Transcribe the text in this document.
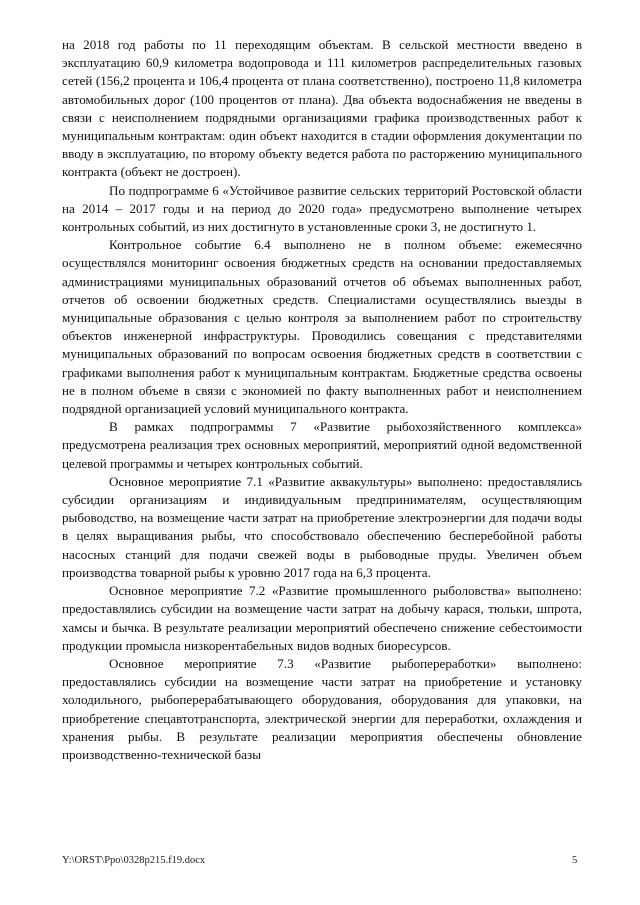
на 2018 год работы по 11 переходящим объектам. В сельской местности введено в эксплуатацию 60,9 километра водопровода и 111 километров распределительных газовых сетей (156,2 процента и 106,4 процента от плана соответственно), построено 11,8 километра автомобильных дорог (100 процентов от плана). Два объекта водоснабжения не введены в связи с неисполнением подрядными организациями графика производственных работ к муниципальным контрактам: один объект находится в стадии оформления документации по вводу в эксплуатацию, по второму объекту ведется работа по расторжению муниципального контракта (объект не достроен).

По подпрограмме 6 «Устойчивое развитие сельских территорий Ростовской области на 2014 – 2017 годы и на период до 2020 года» предусмотрено выполнение четырех контрольных событий, из них достигнуто в установленные сроки 3, не достигнуто 1.

Контрольное событие 6.4 выполнено не в полном объеме: ежемесячно осуществлялся мониторинг освоения бюджетных средств на основании предоставляемых администрациями муниципальных образований отчетов об объемах выполненных работ, отчетов об освоении бюджетных средств. Специалистами осуществлялись выезды в муниципальные образования с целью контроля за выполнением работ по строительству объектов инженерной инфраструктуры. Проводились совещания с представителями муниципальных образований по вопросам освоения бюджетных средств в соответствии с графиками выполнения работ к муниципальным контрактам. Бюджетные средства освоены не в полном объеме в связи с экономией по факту выполненных работ и неисполнением подрядной организацией условий муниципального контракта.

В рамках подпрограммы 7 «Развитие рыбохозяйственного комплекса» предусмотрена реализация трех основных мероприятий, мероприятий одной ведомственной целевой программы и четырех контрольных событий.

Основное мероприятие 7.1 «Развитие аквакультуры» выполнено: предоставлялись субсидии организациям и индивидуальным предпринимателям, осуществляющим рыбоводство, на возмещение части затрат на приобретение электроэнергии для подачи воды в целях выращивания рыбы, что способствовало обеспечению бесперебойной работы насосных станций для подачи свежей воды в рыбоводные пруды. Увеличен объем производства товарной рыбы к уровню 2017 года на 6,3 процента.

Основное мероприятие 7.2 «Развитие промышленного рыболовства» выполнено: предоставлялись субсидии на возмещение части затрат на добычу карася, тюльки, шпрота, хамсы и бычка. В результате реализации мероприятий обеспечено снижение себестоимости продукции промысла низкорентабельных видов водных биоресурсов.

Основное мероприятие 7.3 «Развитие рыбопереработки» выполнено: предоставлялись субсидии на возмещение части затрат на приобретение и установку холодильного, рыбоперерабатывающего оборудования, оборудования для упаковки, на приобретение спецавтотранспорта, электрической энергии для переработки, охлаждения и хранения рыбы. В результате реализации мероприятия обеспечены обновление производственно-технической базы

Y:\ORST\Ppo\0328p215.f19.docx	5
